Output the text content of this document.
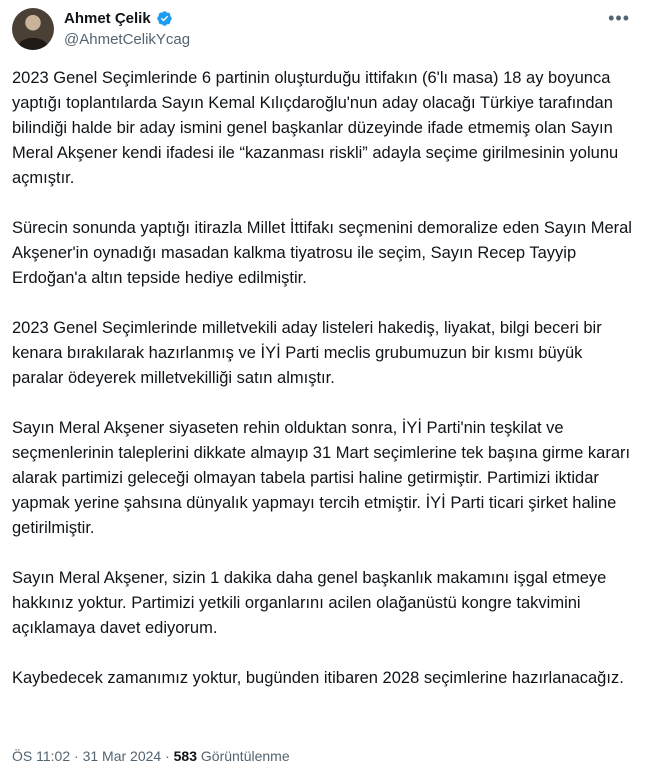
Ahmet Çelik
@AhmetCelikYcag
•••

2023 Genel Seçimlerinde 6 partinin oluşturduğu ittifakın (6'lı masa) 18 ay boyunca yaptığı toplantılarda Sayın Kemal Kılıçdaroğlu'nun aday olacağı Türkiye tarafından bilindiği halde bir aday ismini genel başkanlar düzeyinde ifade etmemiş olan Sayın Meral Akşener kendi ifadesi ile “kazanması riskli” adayla seçime girilmesinin yolunu açmıştır.

Sürecin sonunda yaptığı itirazla Millet İttifakı seçmenini demoralize eden Sayın Meral Akşener'in oynadığı masadan kalkma tiyatrosu ile seçim, Sayın Recep Tayyip Erdoğan'a altın tepside hediye edilmiştir.

2023 Genel Seçimlerinde milletvekili aday listeleri hakediş, liyakat, bilgi beceri bir kenara bırakılarak hazırlanmış ve İYİ Parti meclis grubumuzun bir kısmı büyük paralar ödeyerek milletvekilliği satın almıştır.

Sayın Meral Akşener siyaseten rehin olduktan sonra, İYİ Parti'nin teşkilat ve seçmenlerinin taleplerini dikkate almayıp 31 Mart seçimlerine tek başına girme kararı alarak partimizi geleceği olmayan tabela partisi haline getirmiştir. Partimizi iktidar yapmak yerine şahsına dünyalık yapmayı tercih etmiştir. İYİ Parti ticari şirket haline getirilmiştir.

Sayın Meral Akşener, sizin 1 dakika daha genel başkanlık makamını işgal etmeye hakkınız yoktur. Partimizi yetkili organlarını acilen olağanüstü kongre takvimini açıklamaya davet ediyorum.

Kaybedecek zamanımız yoktur, bugünden itibaren 2028 seçimlerine hazırlanacağız.

ÖS 11:02 · 31 Mar 2024 · 583 Görüntülenme
